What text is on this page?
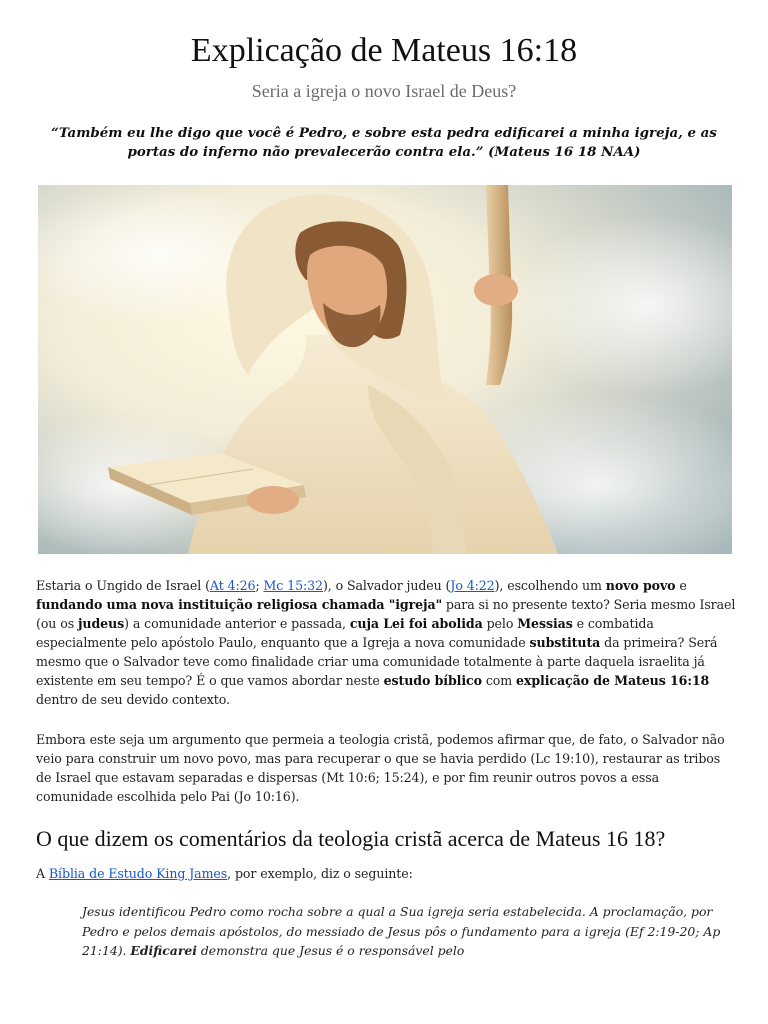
Explicação de Mateus 16:18

Seria a igreja o novo Israel de Deus?

“Também eu lhe digo que você é Pedro, e sobre esta pedra edificarei a minha igreja, e as portas do inferno não prevalecerão contra ela.” (Mateus 16 18 NAA)

Estaria o Ungido de Israel (At 4:26; Mc 15:32), o Salvador judeu (Jo 4:22), escolhendo um novo povo e fundando uma nova instituição religiosa chamada "igreja" para si no presente texto? Seria mesmo Israel (ou os judeus) a comunidade anterior e passada, cuja Lei foi abolida pelo Messias e combatida especialmente pelo apóstolo Paulo, enquanto que a Igreja a nova comunidade substituta da primeira? Será mesmo que o Salvador teve como finalidade criar uma comunidade totalmente à parte daquela israelita já existente em seu tempo? É o que vamos abordar neste estudo bíblico com explicação de Mateus 16:18 dentro de seu devido contexto.

Embora este seja um argumento que permeia a teologia cristã, podemos afirmar que, de fato, o Salvador não veio para construir um novo povo, mas para recuperar o que se havia perdido (Lc 19:10), restaurar as tribos de Israel que estavam separadas e dispersas (Mt 10:6; 15:24), e por fim reunir outros povos a essa comunidade escolhida pelo Pai (Jo 10:16).

O que dizem os comentários da teologia cristã acerca de Mateus 16 18?

A Bíblia de Estudo King James, por exemplo, diz o seguinte:

Jesus identificou Pedro como rocha sobre a qual a Sua igreja seria estabelecida. A proclamação, por Pedro e pelos demais apóstolos, do messiado de Jesus pôs o fundamento para a igreja (Ef 2:19-20; Ap 21:14). Edificarei demonstra que Jesus é o responsável pelo
